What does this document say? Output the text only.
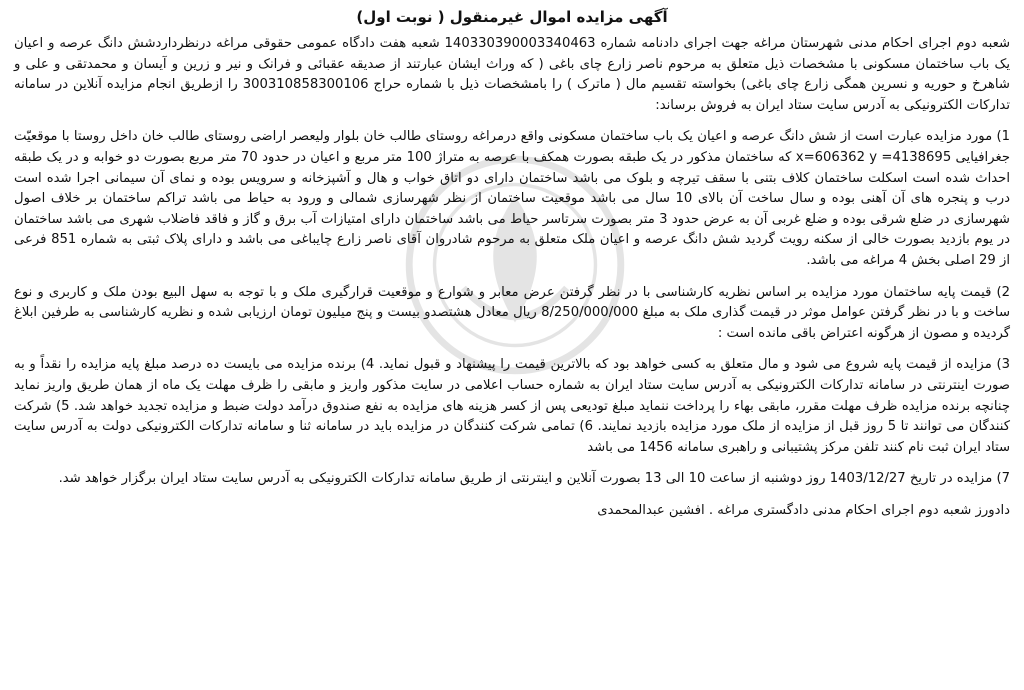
آگهی مزایده اموال غیرمنقول ( نوبت اول)

شعبه دوم اجرای احکام مدنی شهرستان مراغه جهت اجرای دادنامه شماره 140330390003340463 شعبه هفت دادگاه عمومی حقوقی مراغه درنظرداردشش دانگ عرصه و اعیان یک باب ساختمان مسکونی با مشخصات ذیل متعلق به مرحوم ناصر زارع چای باغی ( که وراث ایشان عبارتند از صدیقه عقبائی و فرانک و نیر و زرین و آیسان و محمدتقی و علی و شاهرخ و حوریه و نسرین همگی زارع چای باغی) بخواسته تقسیم مال ( ماترک ) را بامشخصات ذیل با شماره حراج 300310858300106 را ازطریق انجام مزایده آنلاین در سامانه تدارکات الکترونیکی به آدرس سایت ستاد ایران به فروش برساند:

1) مورد مزایده عبارت است از شش دانگ عرصه و اعیان یک باب ساختمان مسکونی واقع درمراغه روستای طالب خان بلوار ولیعصر اراضی روستای طالب خان داخل روستا با موقعیّت جغرافیایی x=606362 y =4138695 که ساختمان مذکور در یک طبقه بصورت همکف با عرصه به متراژ 100 متر مربع و اعیان در حدود 70 متر مربع بصورت دو خوابه و در یک طبقه احداث شده است اسکلت ساختمان کلاف بتنی با سقف تیرچه و بلوک می باشد ساختمان دارای دو اتاق خواب و هال و آشپزخانه و سرویس بوده و نمای آن سیمانی اجرا شده است درب و پنجره های آن آهنی بوده و سال ساخت آن بالای 10 سال می باشد موقعیت ساختمان از نظر شهرسازی شمالی و ورود به حیاط می باشد تراکم ساختمان بر خلاف اصول شهرسازی در ضلع شرقی بوده و ضلع غربی آن به عرض حدود 3 متر بصورت سرتاسر حیاط می باشد ساختمان دارای امتیازات آب برق و گاز و فاقد فاضلاب شهری می باشد ساختمان در یوم بازدید بصورت خالی از سکنه رویت گردید شش دانگ عرصه و اعیان ملک متعلق به مرحوم شادروان آقای ناصر زارع چایباغی می باشد و دارای پلاک ثبتی به شماره 851 فرعی از 29 اصلی بخش 4 مراغه می باشد.

2) قیمت پایه ساختمان مورد مزایده بر اساس نظریه کارشناسی با در نظر گرفتن عرض معابر و شوارع و موقعیت قرارگیری ملک و با توجه به سهل البیع بودن ملک و کاربری و نوع ساخت و با در نظر گرفتن عوامل موثر در قیمت گذاری ملک به مبلغ 8/250/000/000 ریال معادل هشتصدو بیست و پنج میلیون تومان ارزیابی شده و نظریه کارشناسی به طرفین ابلاغ گردیده و مصون از هرگونه اعتراض باقی مانده است :

3) مزایده از قیمت پایه شروع می شود و مال متعلق به کسی خواهد بود که بالاترین قیمت را پیشنهاد و قبول نماید. 4) برنده مزایده می بایست ده درصد مبلغ پایه مزایده را نقداً و به صورت اینترنتی در سامانه تدارکات الکترونیکی به آدرس سایت ستاد ایران به شماره حساب اعلامی در سایت مذکور واریز و مابقی را ظرف مهلت یک ماه از همان طریق واریز نماید چنانچه برنده مزایده ظرف مهلت مقرر، مابقی بهاء را پرداخت ننماید مبلغ تودیعی پس از کسر هزینه های مزایده به نفع صندوق درآمد دولت ضبط و مزایده تجدید خواهد شد. 5) شرکت کنندگان می توانند تا 5 روز قبل از مزایده از ملک مورد مزایده بازدید نمایند. 6) تمامی شرکت کنندگان در مزایده باید در سامانه ثنا و سامانه تدارکات الکترونیکی دولت به آدرس سایت ستاد ایران ثبت نام کنند تلفن مرکز پشتیبانی و راهبری سامانه 1456 می باشد

7) مزایده در تاریخ 1403/12/27 روز دوشنبه از ساعت 10 الی 13 بصورت آنلاین و اینترنتی از طریق سامانه تدارکات الکترونیکی به آدرس سایت ستاد ایران برگزار خواهد شد.

دادورز شعبه دوم اجرای احکام مدنی دادگستری مراغه . افشین عبدالمحمدی
